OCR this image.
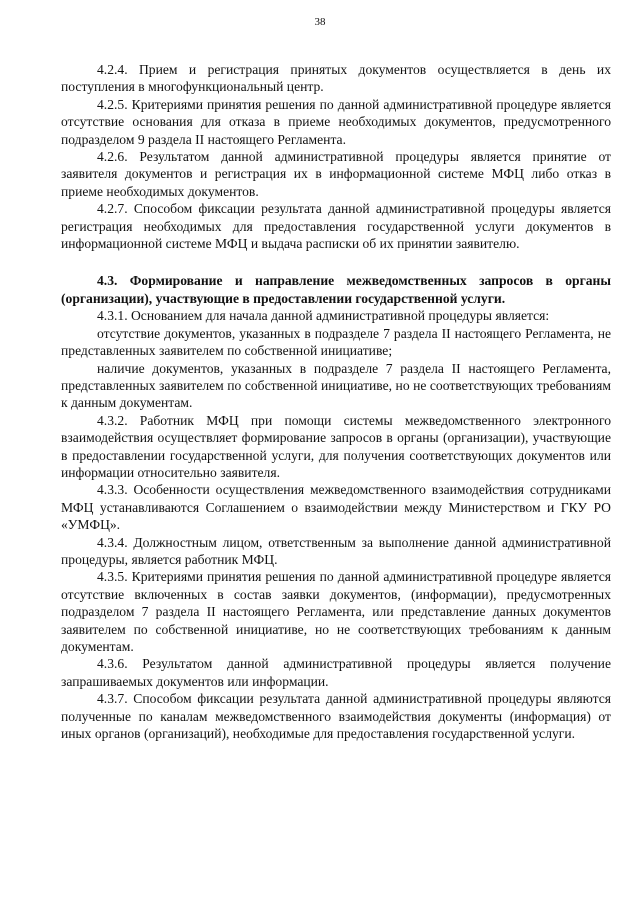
38

4.2.4. Прием и регистрация принятых документов осуществляется в день их поступления в многофункциональный центр.

4.2.5. Критериями принятия решения по данной административной процедуре является отсутствие основания для отказа в приеме необходимых документов, предусмотренного подразделом 9 раздела II настоящего Регламента.

4.2.6. Результатом данной административной процедуры является принятие от заявителя документов и регистрация их в информационной системе МФЦ либо отказ в приеме необходимых документов.

4.2.7. Способом фиксации результата данной административной процедуры является регистрация необходимых для предоставления государственной услуги документов в информационной системе МФЦ и выдача расписки об их принятии заявителю.

4.3. Формирование и направление межведомственных запросов в органы (организации), участвующие в предоставлении государственной услуги.

4.3.1. Основанием для начала данной административной процедуры является:

отсутствие документов, указанных в подразделе 7 раздела II настоящего Регламента, не представленных заявителем по собственной инициативе;

наличие документов, указанных в подразделе 7 раздела II настоящего Регламента, представленных заявителем по собственной инициативе, но не соответствующих требованиям к данным документам.

4.3.2. Работник МФЦ при помощи системы межведомственного электронного взаимодействия осуществляет формирование запросов в органы (организации), участвующие в предоставлении государственной услуги, для получения соответствующих документов или информации относительно заявителя.

4.3.3. Особенности осуществления межведомственного взаимодействия сотрудниками МФЦ устанавливаются Соглашением о взаимодействии между Министерством и ГКУ РО «УМФЦ».

4.3.4. Должностным лицом, ответственным за выполнение данной административной процедуры, является работник МФЦ.

4.3.5. Критериями принятия решения по данной административной процедуре является отсутствие включенных в состав заявки документов, (информации), предусмотренных подразделом 7 раздела II настоящего Регламента, или представление данных документов заявителем по собственной инициативе, но не соответствующих требованиям к данным документам.

4.3.6. Результатом данной административной процедуры является получение запрашиваемых документов или информации.

4.3.7. Способом фиксации результата данной административной процедуры являются полученные по каналам межведомственного взаимодействия документы (информация) от иных органов (организаций), необходимые для предоставления государственной услуги.
